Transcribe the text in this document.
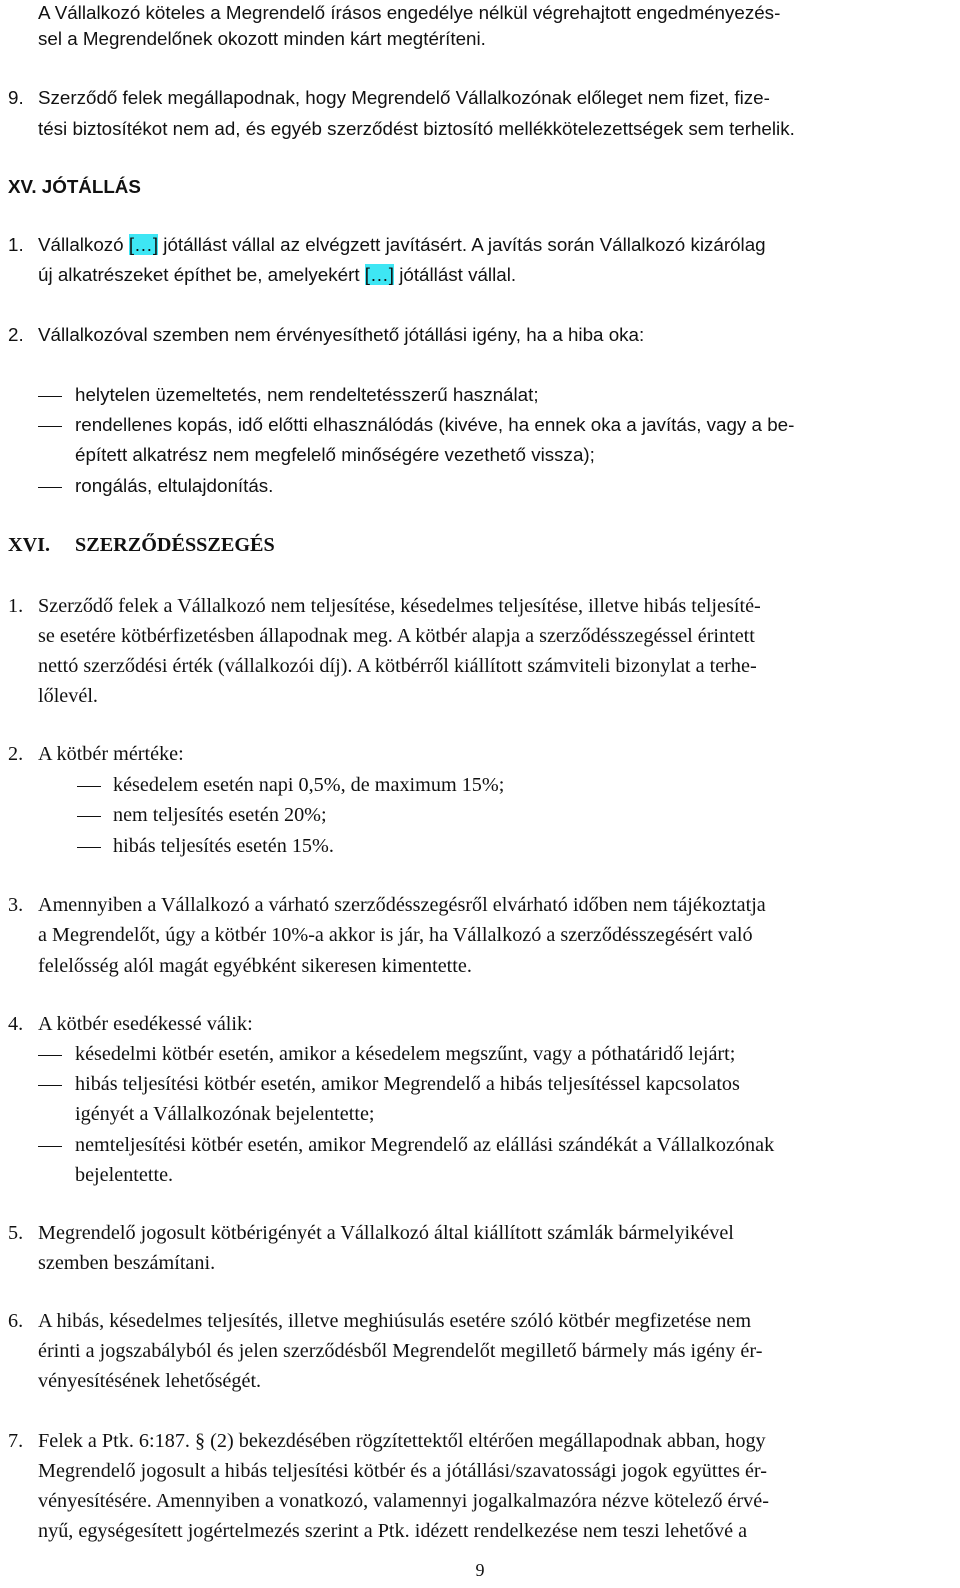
A Vállalkozó köteles a Megrendelő írásos engedélye nélkül végrehajtott engedményezés-
sel a Megrendelőnek okozott minden kárt megtéríteni.
9. Szerződő felek megállapodnak, hogy Megrendelő Vállalkozónak előleget nem fizet, fize-
tési biztosítékot nem ad, és egyéb szerződést biztosító mellékkötelezettségek sem terhelik.
XV. JÓTÁLLÁS
1. Vállalkozó […] jótállást vállal az elvégzett javításért. A javítás során Vállalkozó kizárólag
új alkatrészeket építhet be, amelyekért […] jótállást vállal.
2. Vállalkozóval szemben nem érvényesíthető jótállási igény, ha a hiba oka:
helytelen üzemeltetés, nem rendeltetésszerű használat;
rendellenes kopás, idő előtti elhasználódás (kivéve, ha ennek oka a javítás, vagy a be-
épített alkatrész nem megfelelő minőségére vezethető vissza);
rongálás, eltulajdonítás.
XVI. SZERZŐDÉSSZEGÉS
1. Szerződő felek a Vállalkozó nem teljesítése, késedelmes teljesítése, illetve hibás teljesíté-
se esetére kötbérfizetésben állapodnak meg. A kötbér alapja a szerződésszegéssel érintett
nettó szerződési érték (vállalkozói díj). A kötbérről kiállított számviteli bizonylat a terhe-
lőlevél.
2. A kötbér mértéke:
késedelem esetén napi 0,5%, de maximum 15%;
nem teljesítés esetén 20%;
hibás teljesítés esetén 15%.
3. Amennyiben a Vállalkozó a várható szerződésszegésről elvárható időben nem tájékoztatja
a Megrendelőt, úgy a kötbér 10%-a akkor is jár, ha Vállalkozó a szerződésszegésért való
felelősség alól magát egyébként sikeresen kimentette.
4. A kötbér esedékessé válik:
késedelmi kötbér esetén, amikor a késedelem megszűnt, vagy a póthatáridő lejárt;
hibás teljesítési kötbér esetén, amikor Megrendelő a hibás teljesítéssel kapcsolatos
igényét a Vállalkozónak bejelentette;
nemteljesítési kötbér esetén, amikor Megrendelő az elállási szándékát a Vállalkozónak
bejelentette.
5. Megrendelő jogosult kötbérigényét a Vállalkozó által kiállított számlák bármelyikével
szemben beszámítani.
6. A hibás, késedelmes teljesítés, illetve meghiúsulás esetére szóló kötbér megfizetése nem
érinti a jogszabályból és jelen szerződésből Megrendelőt megillető bármely más igény ér-
vényesítésének lehetőségét.
7. Felek a Ptk. 6:187. § (2) bekezdésében rögzítettektől eltérően megállapodnak abban, hogy
Megrendelő jogosult a hibás teljesítési kötbér és a jótállási/szavatossági jogok együttes ér-
vényesítésére. Amennyiben a vonatkozó, valamennyi jogalkalmazóra nézve kötelező érvé-
nyű, egységesített jogértelmezés szerint a Ptk. idézett rendelkezése nem teszi lehetővé a
9
